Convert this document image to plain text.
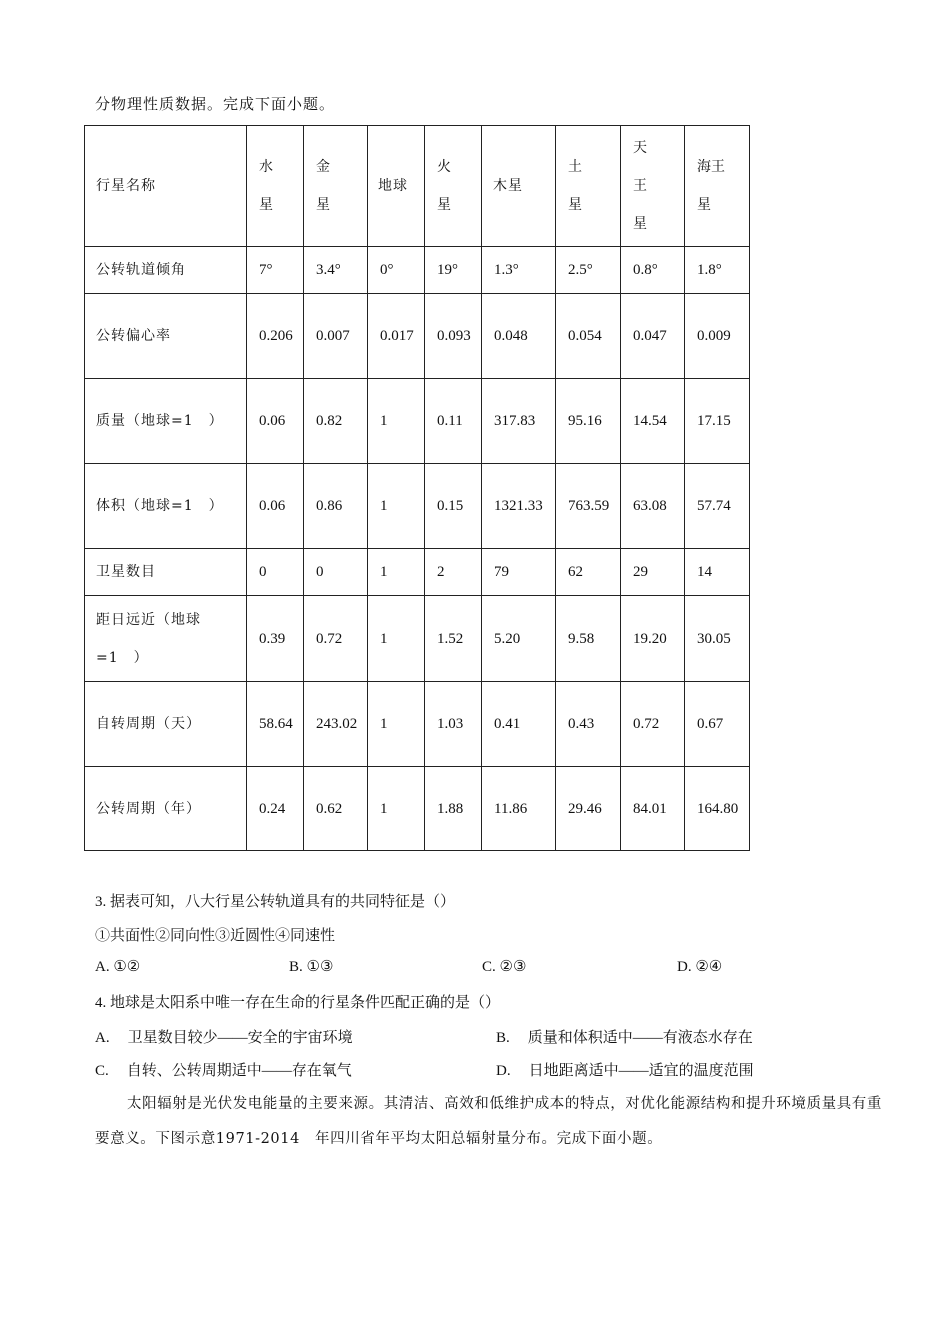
分物理性质数据。完成下面小题。
行星名称	水星	金星	地球	火星	木星	土星	天王星	海王星
公转轨道倾角	7°	3.4°	0°	19°	1.3°	2.5°	0.8°	1.8°
公转偏心率	0.206	0.007	0.017	0.093	0.048	0.054	0.047	0.009
质量（地球=1　）	0.06	0.82	1	0.11	317.83	95.16	14.54	17.15
体积（地球=1　）	0.06	0.86	1	0.15	1321.33	763.59	63.08	57.74
卫星数目	0	0	1	2	79	62	29	14
距日远近（地球=1　）	0.39	0.72	1	1.52	5.20	9.58	19.20	30.05
自转周期（天）	58.64	243.02	1	1.03	0.41	0.43	0.72	0.67
公转周期（年）	0.24	0.62	1	1.88	11.86	29.46	84.01	164.80
3. 据表可知，八大行星公转轨道具有的共同特征是（）
①共面性②同向性③近圆性④同速性
A. ①②	B. ①③	C. ②③	D. ②④
4. 地球是太阳系中唯一存在生命的行星条件匹配正确的是（）
A. 卫星数目较少——安全的宇宙环境	B. 质量和体积适中——有液态水存在
C. 自转、公转周期适中——存在氧气	D. 日地距离适中——适宜的温度范围
太阳辐射是光伏发电能量的主要来源。其清洁、高效和低维护成本的特点，对优化能源结构和提升环境质量具有重要意义。下图示意1971-2014　年四川省年平均太阳总辐射量分布。完成下面小题。
